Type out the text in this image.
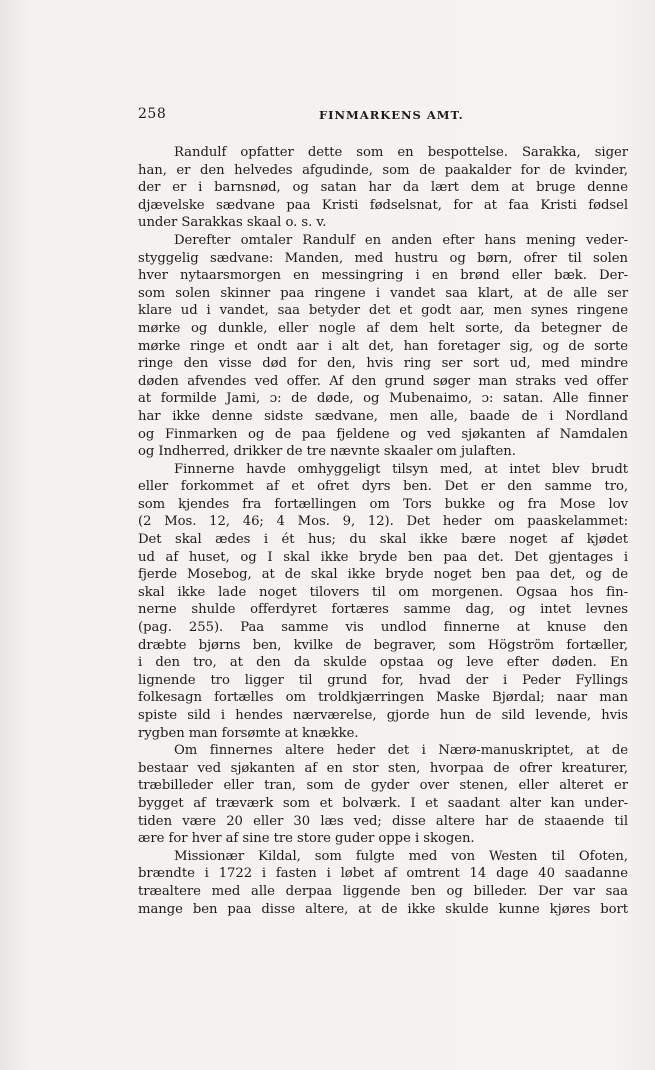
258	FINMARKENS AMT.
Randulf opfatter dette som en bespottelse. Sarakka, siger
han, er den helvedes afgudinde, som de paakalder for de kvinder,
der er i barnsnød, og satan har da lært dem at bruge denne
djævelske sædvane paa Kristi fødselsnat, for at faa Kristi fødsel
under Sarakkas skaal o. s. v.
Derefter omtaler Randulf en anden efter hans mening veder-
styggelig sædvane: Manden, med hustru og børn, ofrer til solen
hver nytaarsmorgen en messingring i en brønd eller bæk. Der-
som solen skinner paa ringene i vandet saa klart, at de alle ser
klare ud i vandet, saa betyder det et godt aar, men synes ringene
mørke og dunkle, eller nogle af dem helt sorte, da betegner de
mørke ringe et ondt aar i alt det, han foretager sig, og de sorte
ringe den visse død for den, hvis ring ser sort ud, med mindre
døden afvendes ved offer. Af den grund søger man straks ved offer
at formilde Jami, ɔ: de døde, og Mubenaimo, ɔ: satan. Alle finner
har ikke denne sidste sædvane, men alle, baade de i Nordland
og Finmarken og de paa fjeldene og ved sjøkanten af Namdalen
og Indherred, drikker de tre nævnte skaaler om julaften.
Finnerne havde omhyggeligt tilsyn med, at intet blev brudt
eller forkommet af et ofret dyrs ben. Det er den samme tro,
som kjendes fra fortællingen om Tors bukke og fra Mose lov
(2 Mos. 12, 46; 4 Mos. 9, 12). Det heder om paaskelammet:
Det skal ædes i ét hus; du skal ikke bære noget af kjødet
ud af huset, og I skal ikke bryde ben paa det. Det gjentages i
fjerde Mosebog, at de skal ikke bryde noget ben paa det, og de
skal ikke lade noget tilovers til om morgenen. Ogsaa hos fin-
nerne shulde offerdyret fortæres samme dag, og intet levnes
(pag. 255). Paa samme vis undlod finnerne at knuse den
dræbte bjørns ben, kvilke de begraver, som Högström fortæller,
i den tro, at den da skulde opstaa og leve efter døden. En
lignende tro ligger til grund for, hvad der i Peder Fyllings
folkesagn fortælles om troldkjærringen Maske Bjørdal; naar man
spiste sild i hendes nærværelse, gjorde hun de sild levende, hvis
rygben man forsømte at knække.
Om finnernes altere heder det i Nærø-manuskriptet, at de
bestaar ved sjøkanten af en stor sten, hvorpaa de ofrer kreaturer,
træbilleder eller tran, som de gyder over stenen, eller alteret er
bygget af træværk som et bolværk. I et saadant alter kan under-
tiden være 20 eller 30 læs ved; disse altere har de staaende til
ære for hver af sine tre store guder oppe i skogen.
Missionær Kildal, som fulgte med von Westen til Ofoten,
brændte i 1722 i fasten i løbet af omtrent 14 dage 40 saadanne
træaltere med alle derpaa liggende ben og billeder. Der var saa
mange ben paa disse altere, at de ikke skulde kunne kjøres bort
